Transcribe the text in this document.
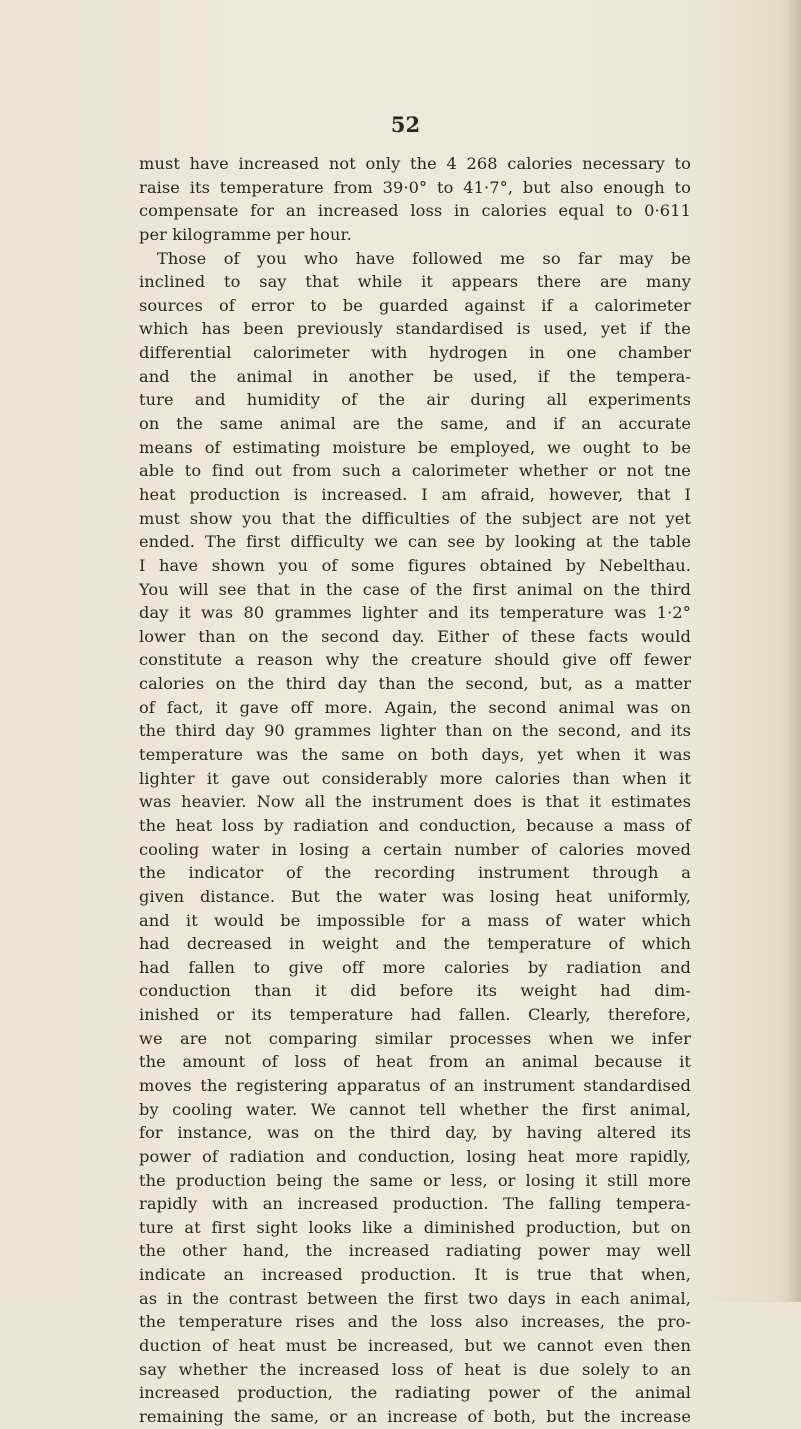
52
must have increased not only the 4 268 calories necessary to
raise its temperature from 39·0° to 41·7°, but also enough to
compensate for an increased loss in calories equal to 0·611
per kilogramme per hour.
Those of you who have followed me so far may be
inclined to say that while it appears there are many
sources of error to be guarded against if a calorimeter
which has been previously standardised is used, yet if the
differential calorimeter with hydrogen in one chamber
and the animal in another be used, if the tempera-
ture and humidity of the air during all experiments
on the same animal are the same, and if an accurate
means of estimating moisture be employed, we ought to be
able to find out from such a calorimeter whether or not tne
heat production is increased. I am afraid, however, that I
must show you that the difficulties of the subject are not yet
ended. The first difficulty we can see by looking at the table
I have shown you of some figures obtained by Nebelthau.
You will see that in the case of the first animal on the third
day it was 80 grammes lighter and its temperature was 1·2°
lower than on the second day. Either of these facts would
constitute a reason why the creature should give off fewer
calories on the third day than the second, but, as a matter
of fact, it gave off more. Again, the second animal was on
the third day 90 grammes lighter than on the second, and its
temperature was the same on both days, yet when it was
lighter it gave out considerably more calories than when it
was heavier. Now all the instrument does is that it estimates
the heat loss by radiation and conduction, because a mass of
cooling water in losing a certain number of calories moved
the indicator of the recording instrument through a
given distance. But the water was losing heat uniformly,
and it would be impossible for a mass of water which
had decreased in weight and the temperature of which
had fallen to give off more calories by radiation and
conduction than it did before its weight had dim-
inished or its temperature had fallen. Clearly, therefore,
we are not comparing similar processes when we infer
the amount of loss of heat from an animal because it
moves the registering apparatus of an instrument standardised
by cooling water. We cannot tell whether the first animal,
for instance, was on the third day, by having altered its
power of radiation and conduction, losing heat more rapidly,
the production being the same or less, or losing it still more
rapidly with an increased production. The falling tempera-
ture at first sight looks like a diminished production, but on
the other hand, the increased radiating power may well
indicate an increased production. It is true that when,
as in the contrast between the first two days in each animal,
the temperature rises and the loss also increases, the pro-
duction of heat must be increased, but we cannot even then
say whether the increased loss of heat is due solely to an
increased production, the radiating power of the animal
remaining the same, or an increase of both, but the increase
